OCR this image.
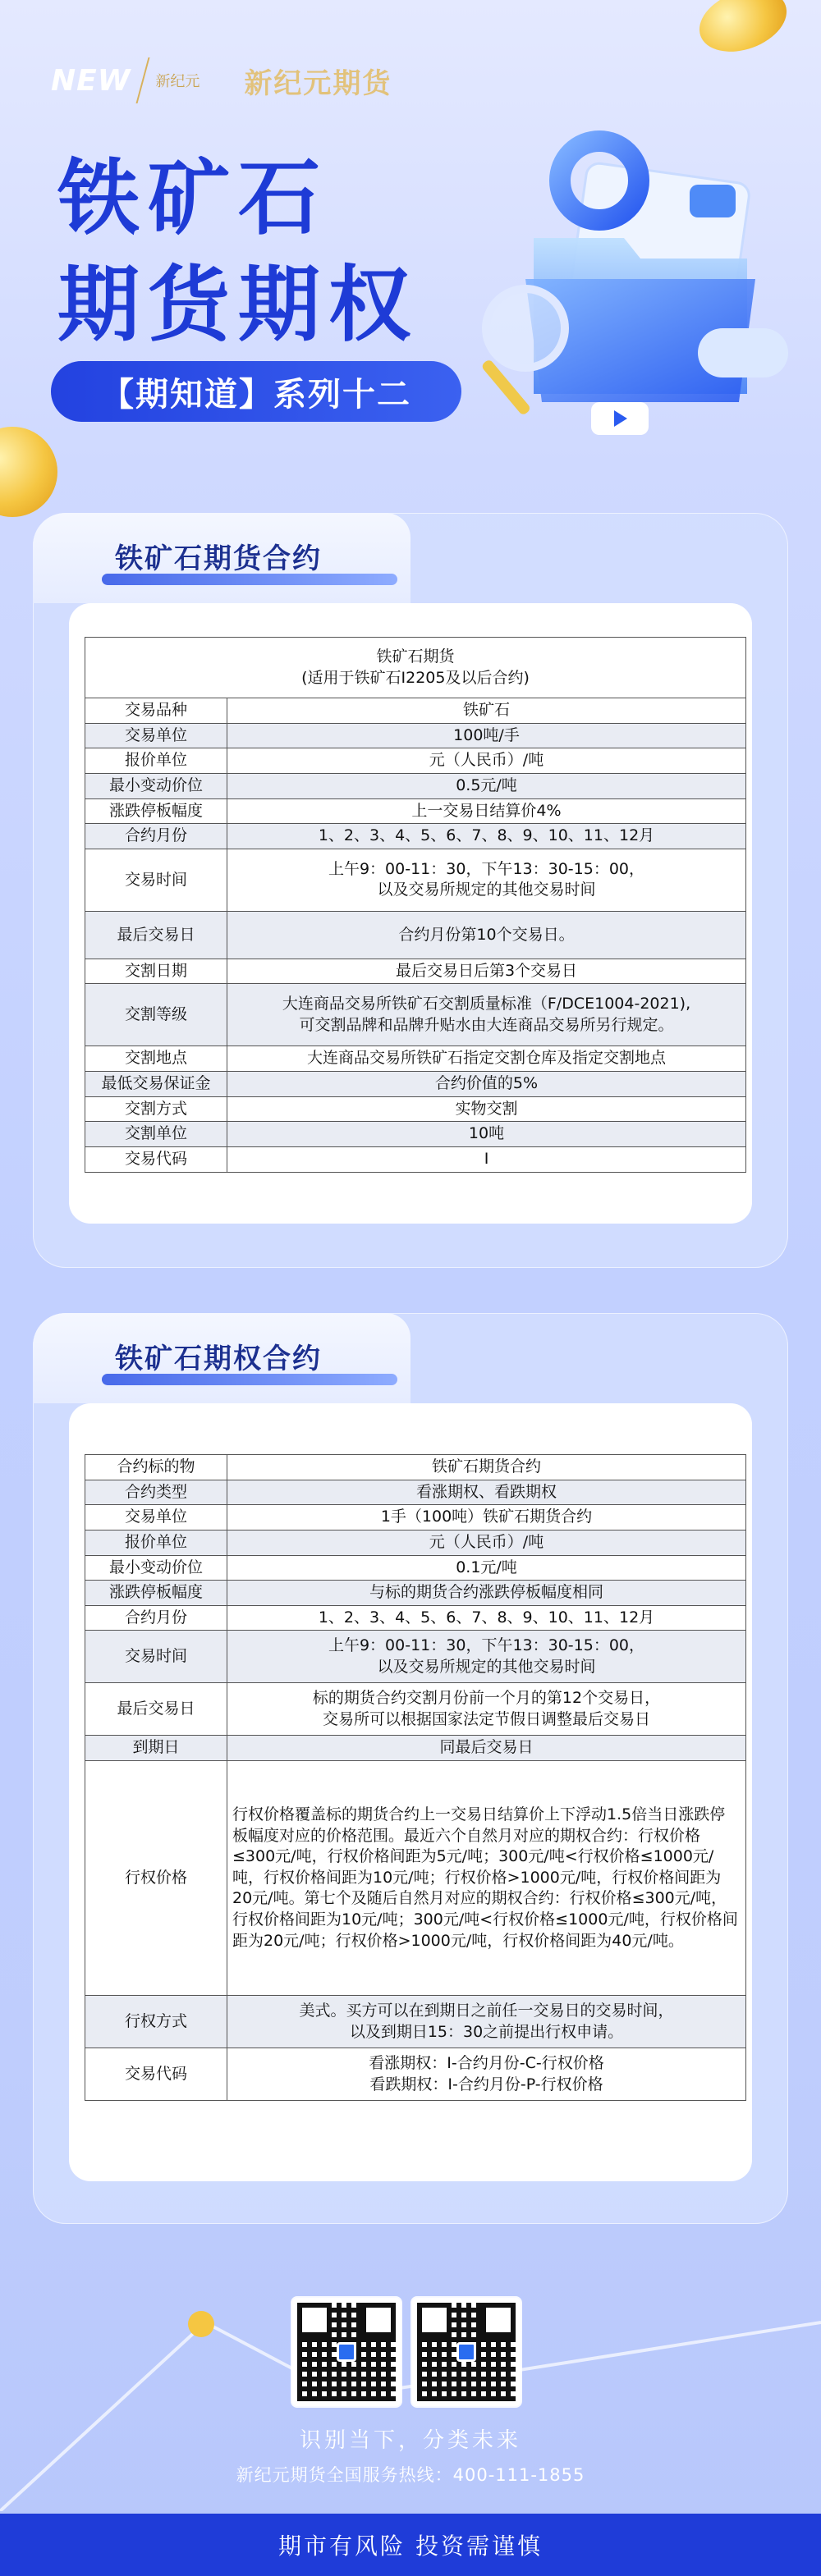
NEW 新纪元 新纪元期货
铁矿石
期货期权
【期知道】系列十二
铁矿石期货合约
铁矿石期货
(适用于铁矿石I2205及以后合约)	

交易品种	铁矿石
交易单位	100吨/手
报价单位	元（人民币）/吨
最小变动价位	0.5元/吨
涨跌停板幅度	上一交易日结算价4%
合约月份	1、2、3、4、5、6、7、8、9、10、11、12月
交易时间	上午9：00-11：30，下午13：30-15：00，
以及交易所规定的其他交易时间

最后交易日	合约月份第10个交易日。
交割日期	最后交易日后第3个交易日
交割等级	大连商品交易所铁矿石交割质量标准（F/DCE1004-2021),
可交割品牌和品牌升贴水由大连商品交易所另行规定。

交割地点	大连商品交易所铁矿石指定交割仓库及指定交割地点
最低交易保证金	合约价值的5%
交割方式	实物交割
交割单位	10吨
交易代码	I
铁矿石期权合约
合约标的物	铁矿石期货合约
合约类型	看涨期权、看跌期权
交易单位	1手（100吨）铁矿石期货合约
报价单位	元（人民币）/吨
最小变动价位	0.1元/吨
涨跌停板幅度	与标的期货合约涨跌停板幅度相同
合约月份	1、2、3、4、5、6、7、8、9、10、11、12月
交易时间	上午9：00-11：30，下午13：30-15：00，
以及交易所规定的其他交易时间

最后交易日	标的期货合约交割月份前一个月的第12个交易日，
交易所可以根据国家法定节假日调整最后交易日

到期日	同最后交易日
行权价格	行权价格覆盖标的期货合约上一交易日结算价上下浮动1.5倍当日涨跌停板幅度对应的价格范围。最近六个自然月对应的期权合约：行权价格≤300元/吨，行权价格间距为5元/吨；300元/吨<行权价格≤1000元/吨，行权价格间距为10元/吨；行权价格>1000元/吨，行权价格间距为20元/吨。第七个及随后自然月对应的期权合约：行权价格≤300元/吨，行权价格间距为10元/吨；300元/吨<行权价格≤1000元/吨，行权价格间距为20元/吨；行权价格>1000元/吨，行权价格间距为40元/吨。
行权方式	美式。买方可以在到期日之前任一交易日的交易时间，
以及到期日15：30之前提出行权申请。

交易代码	看涨期权：I-合约月份-C-行权价格
看跌期权：I-合约月份-P-行权价格
识别当下，分类未来
新纪元期货全国服务热线：400-111-1855
期市有风险 投资需谨慎
